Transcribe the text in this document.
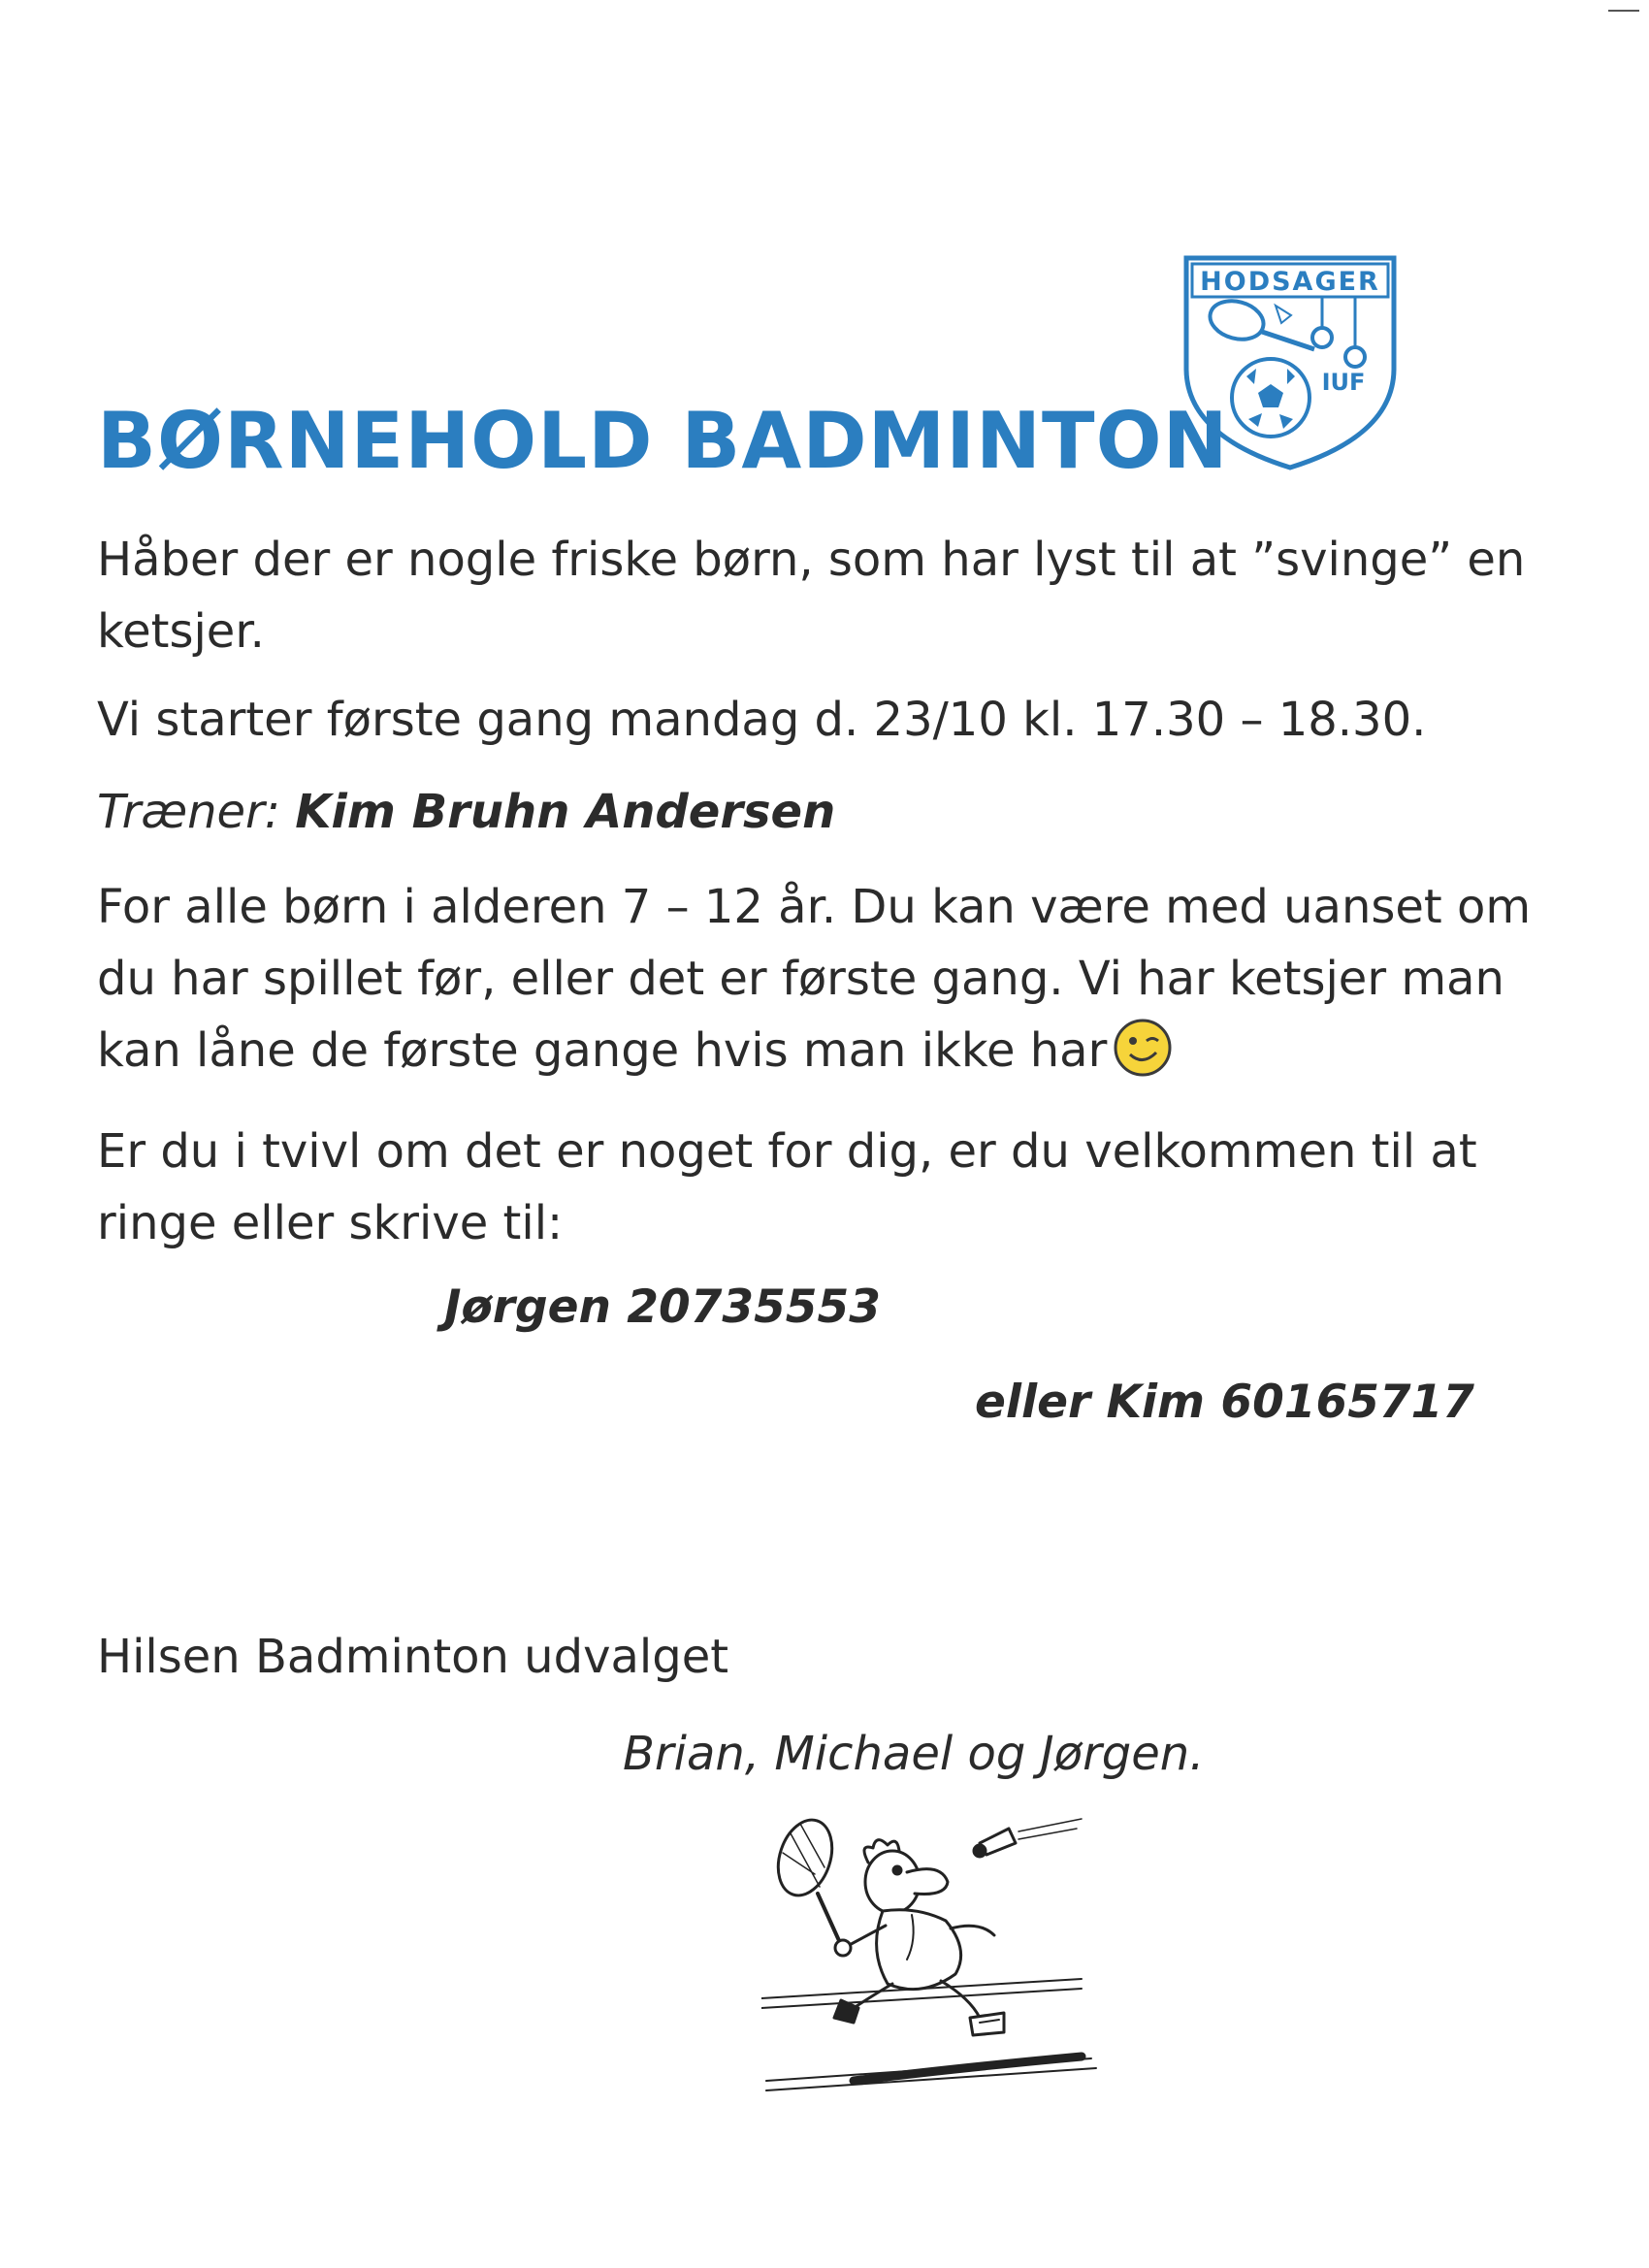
HODSAGER
IUF
BØRNEHOLD BADMINTON

Håber der er nogle friske børn, som har lyst til at ”svinge” en ketsjer.

Vi starter første gang mandag d. 23/10 kl. 17.30 – 18.30.

Træner: Kim Bruhn Andersen

For alle børn i alderen 7 – 12 år. Du kan være med uanset om du har spillet før, eller det er første gang. Vi har ketsjer man kan låne de første gange hvis man ikke har

Er du i tvivl om det er noget for dig, er du velkommen til at ringe eller skrive til:

Jørgen 20735553

eller Kim 60165717

Hilsen Badminton udvalget

Brian, Michael og Jørgen.
